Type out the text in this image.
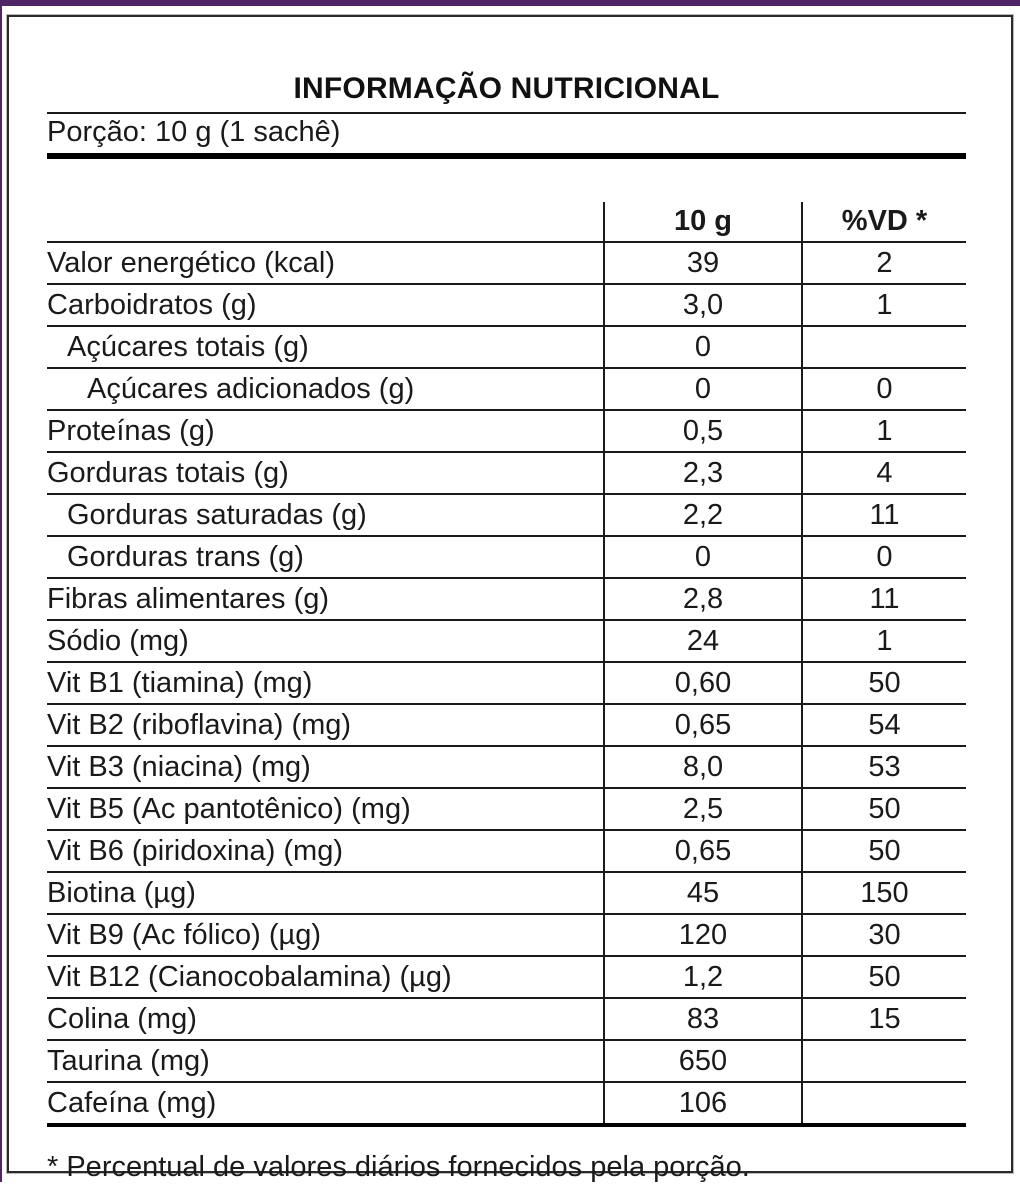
INFORMAÇÃO NUTRICIONAL
Porção: 10 g (1 sachê)
	10 g	%VD *
Valor energético (kcal)	39	2
Carboidratos (g)	3,0	1
Açúcares totais (g)	0	
Açúcares adicionados (g)	0	0
Proteínas (g)	0,5	1
Gorduras totais (g)	2,3	4
Gorduras saturadas (g)	2,2	11
Gorduras trans (g)	0	0
Fibras alimentares (g)	2,8	11
Sódio (mg)	24	1
Vit B1 (tiamina) (mg)	0,60	50
Vit B2 (riboflavina) (mg)	0,65	54
Vit B3 (niacina) (mg)	8,0	53
Vit B5 (Ac pantotênico) (mg)	2,5	50
Vit B6 (piridoxina) (mg)	0,65	50
Biotina (µg)	45	150
Vit B9 (Ac fólico) (µg)	120	30
Vit B12 (Cianocobalamina) (µg)	1,2	50
Colina (mg)	83	15
Taurina (mg)	650	
Cafeína (mg)	106	
* Percentual de valores diários fornecidos pela porção.
